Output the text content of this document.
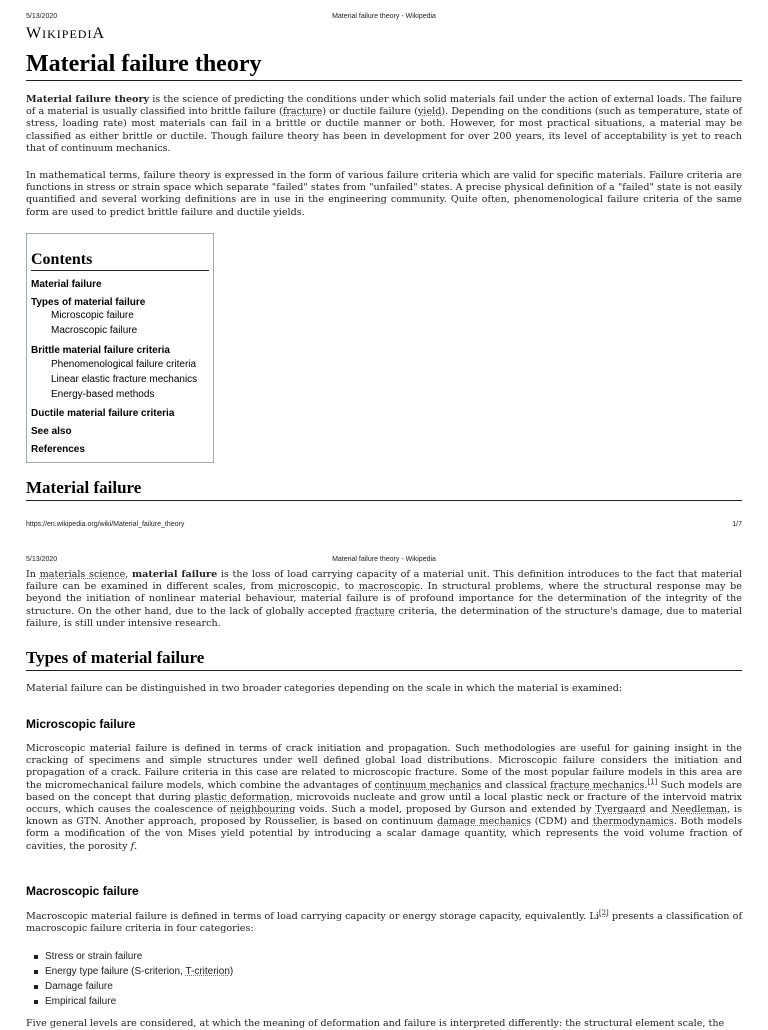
5/13/2020	Material failure theory - Wikipedia
WIKIPEDIA
Material failure theory

Material failure theory is the science of predicting the conditions under which solid materials fail under the action of external loads. The failure of a material is usually classified into brittle failure (fracture) or ductile failure (yield). Depending on the conditions (such as temperature, state of stress, loading rate) most materials can fail in a brittle or ductile manner or both. However, for most practical situations, a material may be classified as either brittle or ductile. Though failure theory has been in development for over 200 years, its level of acceptability is yet to reach that of continuum mechanics.

In mathematical terms, failure theory is expressed in the form of various failure criteria which are valid for specific materials. Failure criteria are functions in stress or strain space which separate "failed" states from "unfailed" states. A precise physical definition of a "failed" state is not easily quantified and several working definitions are in use in the engineering community. Quite often, phenomenological failure criteria of the same form are used to predict brittle failure and ductile yields.

Contents
Material failure
Types of material failure
Microscopic failure
Macroscopic failure
Brittle material failure criteria
Phenomenological failure criteria
Linear elastic fracture mechanics
Energy-based methods
Ductile material failure criteria
See also
References
Material failure
https://en.wikipedia.org/wiki/Material_failure_theory	1/7
5/13/2020	Material failure theory - Wikipedia

In materials science, material failure is the loss of load carrying capacity of a material unit. This definition introduces to the fact that material failure can be examined in different scales, from microscopic, to macroscopic. In structural problems, where the structural response may be beyond the initiation of nonlinear material behaviour, material failure is of profound importance for the determination of the integrity of the structure. On the other hand, due to the lack of globally accepted fracture criteria, the determination of the structure's damage, due to material failure, is still under intensive research.

Types of material failure

Material failure can be distinguished in two broader categories depending on the scale in which the material is examined:

Microscopic failure

Microscopic material failure is defined in terms of crack initiation and propagation. Such methodologies are useful for gaining insight in the cracking of specimens and simple structures under well defined global load distributions. Microscopic failure considers the initiation and propagation of a crack. Failure criteria in this case are related to microscopic fracture. Some of the most popular failure models in this area are the micromechanical failure models, which combine the advantages of continuum mechanics and classical fracture mechanics.[1] Such models are based on the concept that during plastic deformation, microvoids nucleate and grow until a local plastic neck or fracture of the intervoid matrix occurs, which causes the coalescence of neighbouring voids. Such a model, proposed by Gurson and extended by Tvergaard and Needleman, is known as GTN. Another approach, proposed by Rousselier, is based on continuum damage mechanics (CDM) and thermodynamics. Both models form a modification of the von Mises yield potential by introducing a scalar damage quantity, which represents the void volume fraction of cavities, the porosity f.

Macroscopic failure

Macroscopic material failure is defined in terms of load carrying capacity or energy storage capacity, equivalently. Li[2] presents a classification of macroscopic failure criteria in four categories:

Stress or strain failure
Energy type failure (S-criterion, T-criterion)
Damage failure
Empirical failure

Five general levels are considered, at which the meaning of deformation and failure is interpreted differently: the structural element scale, the
